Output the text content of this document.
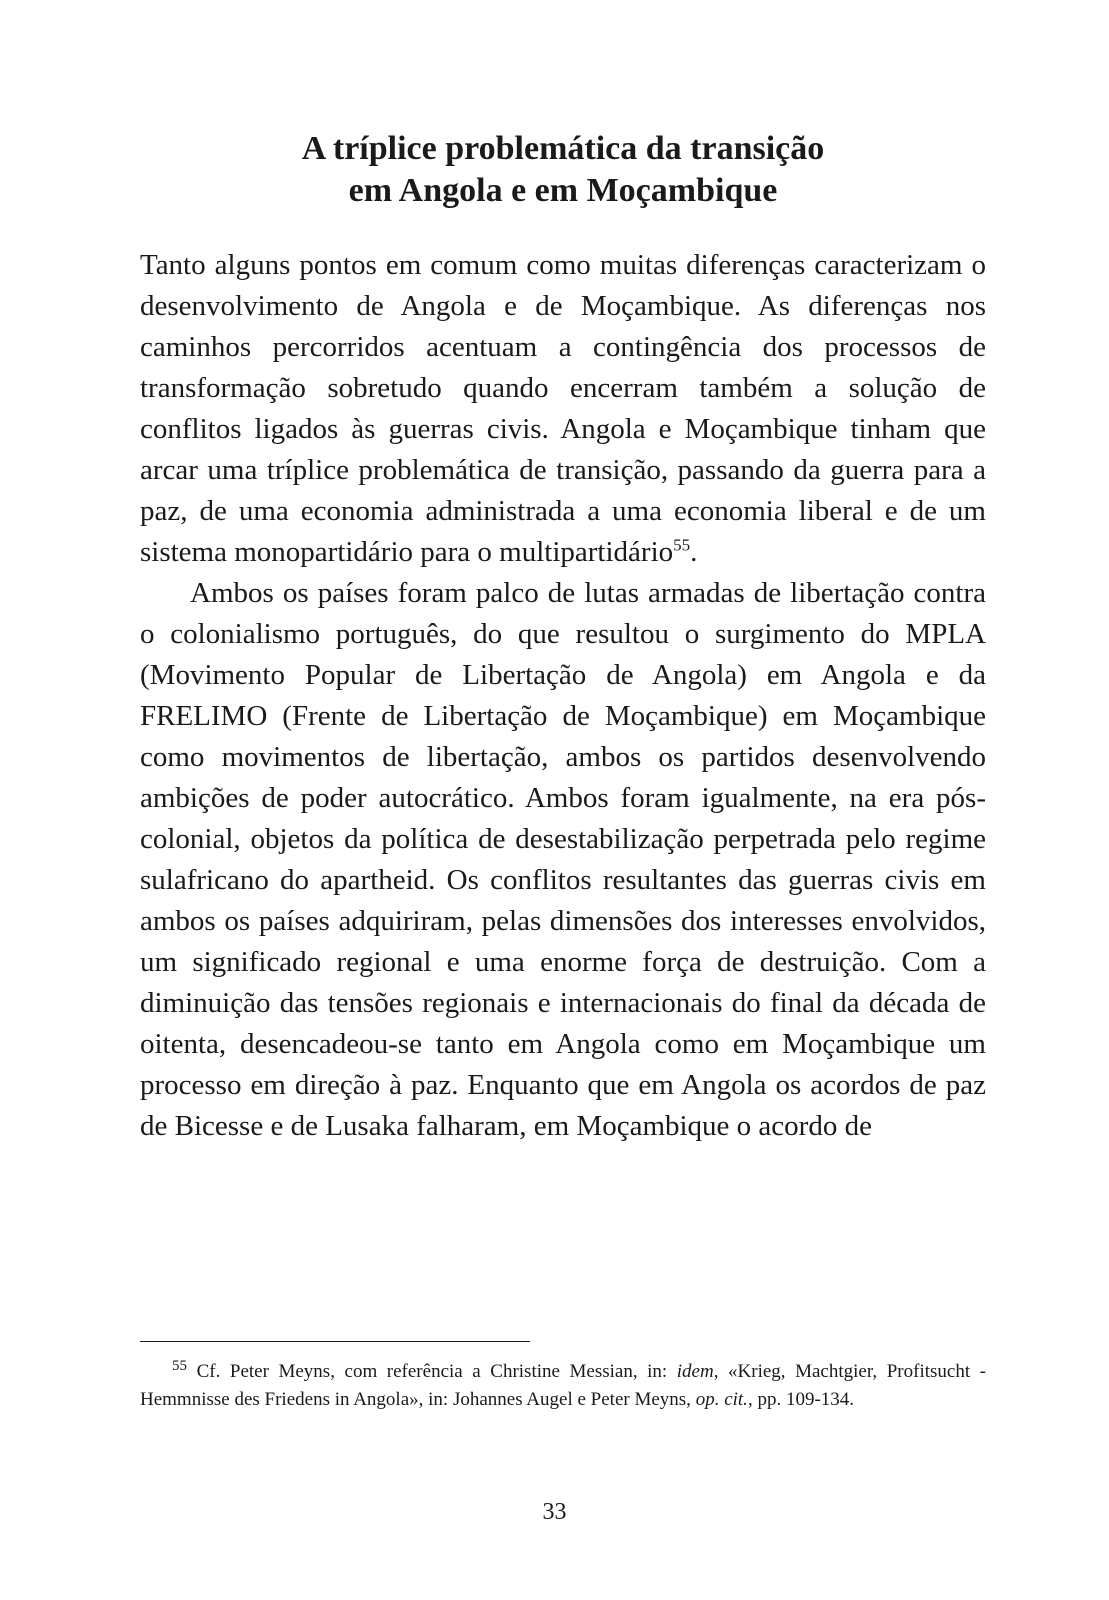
A tríplice problemática da transição
em Angola e em Moçambique

Tanto alguns pontos em comum como muitas diferenças caracterizam o desenvolvimento de Angola e de Moçambique. As diferenças nos caminhos percorridos acentuam a contingência dos processos de transformação sobretudo quando encerram também a solução de conflitos ligados às guerras civis. Angola e Moçambique tinham que arcar uma tríplice problemática de transição, passando da guerra para a paz, de uma economia administrada a uma economia liberal e de um sistema monopartidário para o multipartidário$^{55}$.

Ambos os países foram palco de lutas armadas de libertação contra o colonialismo português, do que resultou o surgimento do MPLA (Movimento Popular de Libertação de Angola) em Angola e da FRELIMO (Frente de Libertação de Moçambique) em Moçambique como movimentos de libertação, ambos os partidos desenvolvendo ambições de poder autocrático. Ambos foram igualmente, na era pós-colonial, objetos da política de desestabilização perpetrada pelo regime sulafricano do apartheid. Os conflitos resultantes das guerras civis em ambos os países adquiriram, pelas dimensões dos interesses envolvidos, um significado regional e uma enorme força de destruição. Com a diminuição das tensões regionais e internacionais do final da década de oitenta, desencadeou-se tanto em Angola como em Moçambique um processo em direção à paz. Enquanto que em Angola os acordos de paz de Bicesse e de Lusaka falharam, em Moçambique o acordo de

$^{55}$ Cf. Peter Meyns, com referência a Christine Messian, in: idem, «Krieg, Machtgier, Profitsucht - Hemmnisse des Friedens in Angola», in: Johannes Augel e Peter Meyns, op. cit., pp. 109-134.

33
